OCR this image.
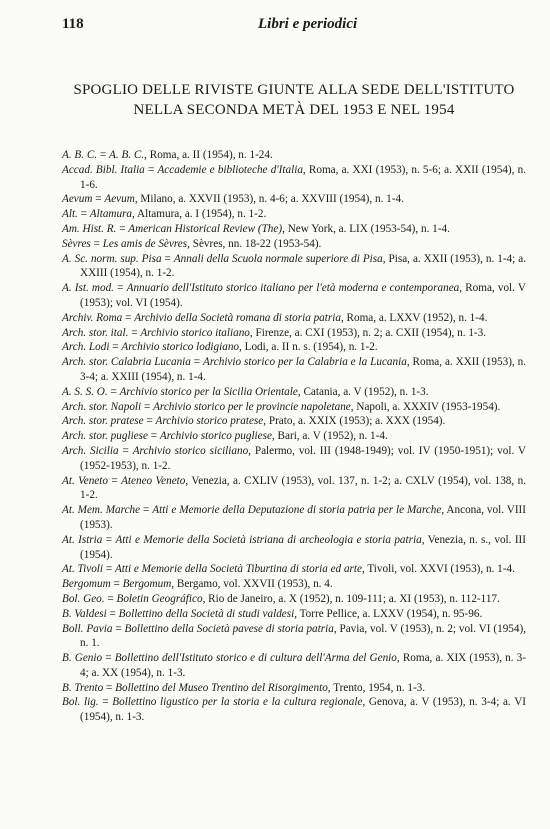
118	Libri e periodici
SPOGLIO DELLE RIVISTE GIUNTE ALLA SEDE DELL'ISTITUTO
NELLA SECONDA METÀ DEL 1953 E NEL 1954
A. B. C. = A. B. C., Roma, a. II (1954), n. 1-24.
Accad. Bibl. Italia = Accademie e biblioteche d'Italia, Roma, a. XXI (1953), n. 5-6; a. XXII (1954), n. 1-6.
Aevum = Aevum, Milano, a. XXVII (1953), n. 4-6; a. XXVIII (1954), n. 1-4.
Alt. = Altamura, Altamura, a. I (1954), n. 1-2.
Am. Hist. R. = American Historical Review (The), New York, a. LIX (1953-54), n. 1-4.
Sèvres = Les amis de Sèvres, Sèvres, nn. 18-22 (1953-54).
A. Sc. norm. sup. Pisa = Annali della Scuola normale superiore di Pisa, Pisa, a. XXII (1953), n. 1-4; a. XXIII (1954), n. 1-2.
A. Ist. mod. = Annuario dell'Istituto storico italiano per l'età moderna e contemporanea, Roma, vol. V (1953); vol. VI (1954).
Archiv. Roma = Archivio della Società romana di storia patria, Roma, a. LXXV (1952), n. 1-4.
Arch. stor. ital. = Archivio storico italiano, Firenze, a. CXI (1953), n. 2; a. CXII (1954), n. 1-3.
Arch. Lodi = Archivio storico lodigiano, Lodi, a. II n. s. (1954), n. 1-2.
Arch. stor. Calabria Lucania = Archivio storico per la Calabria e la Lucania, Roma, a. XXII (1953), n. 3-4; a. XXIII (1954), n. 1-4.
A. S. S. O. = Archivio storico per la Sicilia Orientale, Catania, a. V (1952), n. 1-3.
Arch. stor. Napoli = Archivio storico per le provincie napoletane, Napoli, a. XXXIV (1953-1954).
Arch. stor. pratese = Archivio storico pratese, Prato, a. XXIX (1953); a. XXX (1954).
Arch. stor. pugliese = Archivio storico pugliese, Bari, a. V (1952), n. 1-4.
Arch. Sicilia = Archivio storico siciliano, Palermo, vol. III (1948-1949); vol. IV (1950-1951); vol. V (1952-1953), n. 1-2.
At. Veneto = Ateneo Veneto, Venezia, a. CXLIV (1953), vol. 137, n. 1-2; a. CXLV (1954), vol. 138, n. 1-2.
At. Mem. Marche = Atti e Memorie della Deputazione di storia patria per le Marche, Ancona, vol. VIII (1953).
At. Istria = Atti e Memorie della Società istriana di archeologia e storia patria, Venezia, n. s., vol. III (1954).
At. Tivoli = Atti e Memorie della Società Tiburtina di storia ed arte, Tivoli, vol. XXVI (1953), n. 1-4.
Bergomum = Bergomum, Bergamo, vol. XXVII (1953), n. 4.
Bol. Geo. = Boletin Geográfico, Rio de Janeiro, a. X (1952), n. 109-111; a. XI (1953), n. 112-117.
B. Valdesi = Bollettino della Società di studi valdesi, Torre Pellice, a. LXXV (1954), n. 95-96.
Boll. Pavia = Bollettino della Società pavese di storia patria, Pavia, vol. V (1953), n. 2; vol. VI (1954), n. 1.
B. Genio = Bollettino dell'Istituto storico e di cultura dell'Arma del Genio, Roma, a. XIX (1953), n. 3-4; a. XX (1954), n. 1-3.
B. Trento = Bollettino del Museo Trentino del Risorgimento, Trento, 1954, n. 1-3.
Bol. lig. = Bollettino ligustico per la storia e la cultura regionale, Genova, a. V (1953), n. 3-4; a. VI (1954), n. 1-3.
